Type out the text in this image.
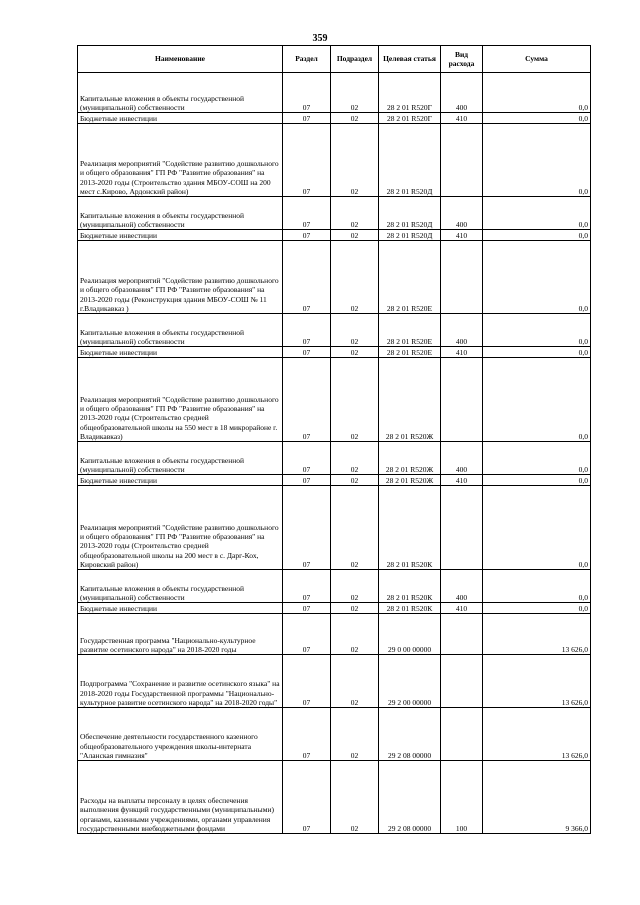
359
Наименование	Раздел	Подраздел	Целевая статья	Вид расхода	Сумма
Капитальные вложения в объекты государственной (муниципальной) собственности	07	02	28 2 01 R520Г	400	0,0
Бюджетные инвестиции	07	02	28 2 01 R520Г	410	0,0
Реализация мероприятий "Содействие развитию дошкольного и общего образования" ГП РФ "Развитие образования" на 2013-2020 годы (Строительство здания МБОУ-СОШ на 200 мест с.Кирово, Ардонский район)	07	02	28 2 01 R520Д		0,0
Капитальные вложения в объекты государственной (муниципальной) собственности	07	02	28 2 01 R520Д	400	0,0
Бюджетные инвестиции	07	02	28 2 01 R520Д	410	0,0
Реализация мероприятий "Содействие развитию дошкольного и общего образования" ГП РФ "Развитие образования" на 2013-2020 годы (Реконструкция здания МБОУ-СОШ № 11 г.Владикавказ )	07	02	28 2 01 R520Е		0,0
Капитальные вложения в объекты государственной (муниципальной) собственности	07	02	28 2 01 R520Е	400	0,0
Бюджетные инвестиции	07	02	28 2 01 R520Е	410	0,0
Реализация мероприятий "Содействие развитию дошкольного и общего образования" ГП РФ "Развитие образования" на 2013-2020 годы (Строительство средней общеобразовательной школы на 550 мест в 18 микрорайоне г. Владикавказ)	07	02	28 2 01 R520Ж		0,0
Капитальные вложения в объекты государственной (муниципальной) собственности	07	02	28 2 01 R520Ж	400	0,0
Бюджетные инвестиции	07	02	28 2 01 R520Ж	410	0,0
Реализация мероприятий "Содействие развитию дошкольного и общего образования" ГП РФ "Развитие образования" на 2013-2020 годы (Строительство средней общеобразовательной школы на 200 мест в с. Дарг-Кох, Кировский район)	07	02	28 2 01 R520К		0,0
Капитальные вложения в объекты государственной (муниципальной) собственности	07	02	28 2 01 R520К	400	0,0
Бюджетные инвестиции	07	02	28 2 01 R520К	410	0,0
Государственная программа "Национально-культурное развитие осетинского народа" на 2018-2020 годы	07	02	29 0 00 00000		13 626,0
Подпрограмма "Сохранение и развитие осетинского языка" на 2018-2020 годы Государственной программы "Национально-культурное развитие осетинского народа" на 2018-2020 годы"	07	02	29 2 00 00000		13 626,0
Обеспечение деятельности государственного казенного общеобразовательного учреждения школы-интерната "Аланская гимназия"	07	02	29 2 08 00000		13 626,0
Расходы на выплаты персоналу в целях обеспечения выполнения функций государственными (муниципальными) органами, казенными учреждениями, органами управления государственными внебюджетными фондами	07	02	29 2 08 00000	100	9 366,0
